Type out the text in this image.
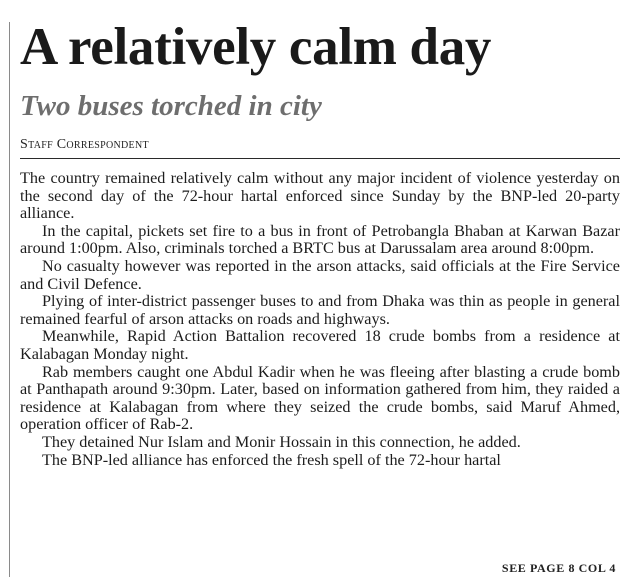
A relatively calm day
Two buses torched in city
Staff Correspondent

The country remained relatively calm without any major incident of violence yesterday on the second day of the 72-hour hartal enforced since Sunday by the BNP-led 20-party alliance.

In the capital, pickets set fire to a bus in front of Petrobangla Bhaban at Karwan Bazar around 1:00pm. Also, criminals torched a BRTC bus at Darussalam area around 8:00pm.

No casualty however was reported in the arson attacks, said officials at the Fire Service and Civil Defence.

Plying of inter-district passenger buses to and from Dhaka was thin as people in general remained fearful of arson attacks on roads and highways.

Meanwhile, Rapid Action Battalion recovered 18 crude bombs from a residence at Kalabagan Monday night.

Rab members caught one Abdul Kadir when he was fleeing after blasting a crude bomb at Panthapath around 9:30pm. Later, based on information gathered from him, they raided a residence at Kalabagan from where they seized the crude bombs, said Maruf Ahmed, operation officer of Rab-2.

They detained Nur Islam and Monir Hossain in this connection, he added.

The BNP-led alliance has enforced the fresh spell of the 72-hour hartal

SEE PAGE 8 COL 4
